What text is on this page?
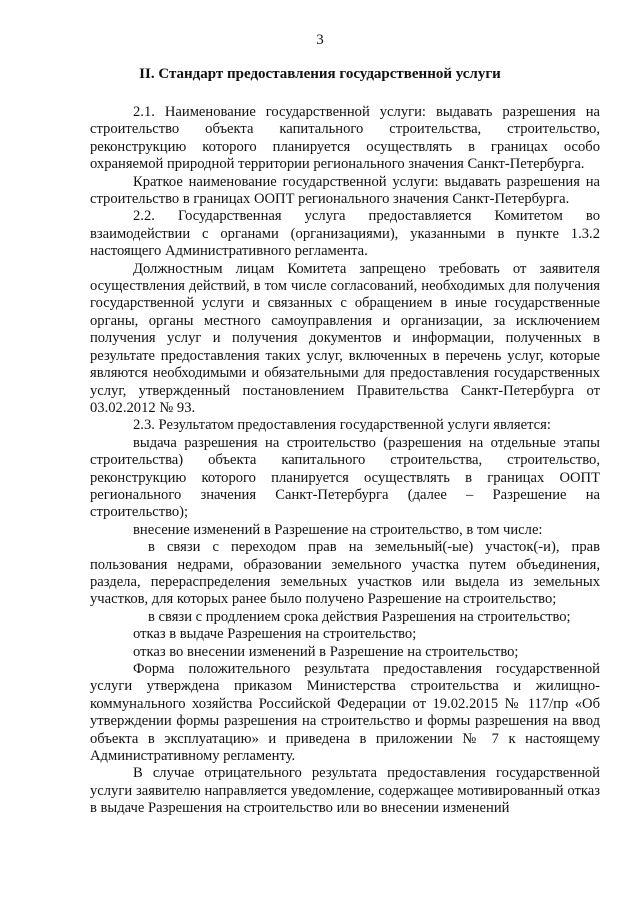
3
II. Стандарт предоставления государственной услуги

2.1. Наименование государственной услуги: выдавать разрешения на строительство объекта капитального строительства, строительство, реконструкцию которого планируется осуществлять в границах особо охраняемой природной территории регионального значения Санкт-Петербурга.

Краткое наименование государственной услуги: выдавать разрешения на строительство в границах ООПТ регионального значения Санкт-Петербурга.

2.2. Государственная услуга предоставляется Комитетом во взаимодействии с органами (организациями), указанными в пункте 1.3.2 настоящего Административного регламента.

Должностным лицам Комитета запрещено требовать от заявителя осуществления действий, в том числе согласований, необходимых для получения государственной услуги и связанных с обращением в иные государственные органы, органы местного самоуправления и организации, за исключением получения услуг и получения документов и информации, полученных в результате предоставления таких услуг, включенных в перечень услуг, которые являются необходимыми и обязательными для предоставления государственных услуг, утвержденный постановлением Правительства Санкт-Петербурга от 03.02.2012 № 93.

2.3. Результатом предоставления государственной услуги является:

выдача разрешения на строительство (разрешения на отдельные этапы строительства) объекта капитального строительства, строительство, реконструкцию которого планируется осуществлять в границах ООПТ регионального значения Санкт-Петербурга (далее – Разрешение на строительство);

внесение изменений в Разрешение на строительство, в том числе:

в связи с переходом прав на земельный(-ые) участок(-и), прав пользования недрами, образовании земельного участка путем объединения, раздела, перераспределения земельных участков или выдела из земельных участков, для которых ранее было получено Разрешение на строительство;

в связи с продлением срока действия Разрешения на строительство;

отказ в выдаче Разрешения на строительство;

отказ во внесении изменений в Разрешение на строительство;

Форма положительного результата предоставления государственной услуги утверждена приказом Министерства строительства и жилищно-коммунального хозяйства Российской Федерации от 19.02.2015 № 117/пр «Об утверждении формы разрешения на строительство и формы разрешения на ввод объекта в эксплуатацию» и приведена в приложении № 7 к настоящему Административному регламенту.

В случае отрицательного результата предоставления государственной услуги заявителю направляется уведомление, содержащее мотивированный отказ в выдаче Разрешения на строительство или во внесении изменений
